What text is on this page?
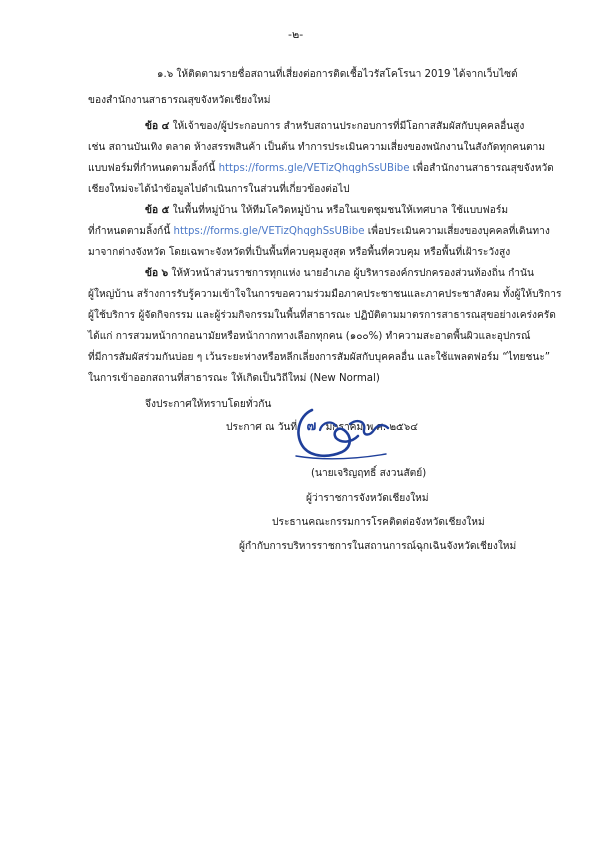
-๒-
๑.๖ ให้ติดตามรายชื่อสถานที่เสี่ยงต่อการติดเชื้อไวรัสโคโรนา 2019 ได้จากเว็บไซต์
ของสำนักงานสาธารณสุขจังหวัดเชียงใหม่
ข้อ ๔ ให้เจ้าของ/ผู้ประกอบการ สำหรับสถานประกอบการที่มีโอกาสสัมผัสกับบุคคลอื่นสูง
เช่น สถานบันเทิง ตลาด ห้างสรรพสินค้า เป็นต้น ทำการประเมินความเสี่ยงของพนักงานในสังกัดทุกคนตาม
แบบฟอร์มที่กำหนดตามลิ้งก์นี้ https://forms.gle/VETizQhqghSsUBibe เพื่อสำนักงานสาธารณสุขจังหวัด
เชียงใหม่จะได้นำข้อมูลไปดำเนินการในส่วนที่เกี่ยวข้องต่อไป
ข้อ ๕ ในพื้นที่หมู่บ้าน ให้ทีมโควิดหมู่บ้าน หรือในเขตชุมชนให้เทศบาล ใช้แบบฟอร์ม
ที่กำหนดตามลิ้งก์นี้ https://forms.gle/VETizQhqghSsUBibe เพื่อประเมินความเสี่ยงของบุคคลที่เดินทาง
มาจากต่างจังหวัด โดยเฉพาะจังหวัดที่เป็นพื้นที่ควบคุมสูงสุด หรือพื้นที่ควบคุม หรือพื้นที่เฝ้าระวังสูง
ข้อ ๖ ให้หัวหน้าส่วนราชการทุกแห่ง นายอำเภอ ผู้บริหารองค์กรปกครองส่วนท้องถิ่น กำนัน
ผู้ใหญ่บ้าน สร้างการรับรู้ความเข้าใจในการขอความร่วมมือภาคประชาชนและภาคประชาสังคม ทั้งผู้ให้บริการ
ผู้ใช้บริการ ผู้จัดกิจกรรม และผู้ร่วมกิจกรรมในพื้นที่สาธารณะ ปฏิบัติตามมาตรการสาธารณสุขอย่างเคร่งครัด
ได้แก่ การสวมหน้ากากอนามัยหรือหน้ากากทางเลือกทุกคน (๑๐๐%) ทำความสะอาดพื้นผิวและอุปกรณ์
ที่มีการสัมผัสร่วมกันบ่อย ๆ เว้นระยะห่างหรือหลีกเลี่ยงการสัมผัสกับบุคคลอื่น และใช้แพลตฟอร์ม “ไทยชนะ”
ในการเข้าออกสถานที่สาธารณะ ให้เกิดเป็นวิถีใหม่ (New Normal)
จึงประกาศให้ทราบโดยทั่วกัน
ประกาศ ณ วันที่ ๗ มกราคม พ.ศ. ๒๕๖๔
(นายเจริญฤทธิ์ สงวนสัตย์)
ผู้ว่าราชการจังหวัดเชียงใหม่
ประธานคณะกรรมการโรคติดต่อจังหวัดเชียงใหม่
ผู้กำกับการบริหารราชการในสถานการณ์ฉุกเฉินจังหวัดเชียงใหม่
